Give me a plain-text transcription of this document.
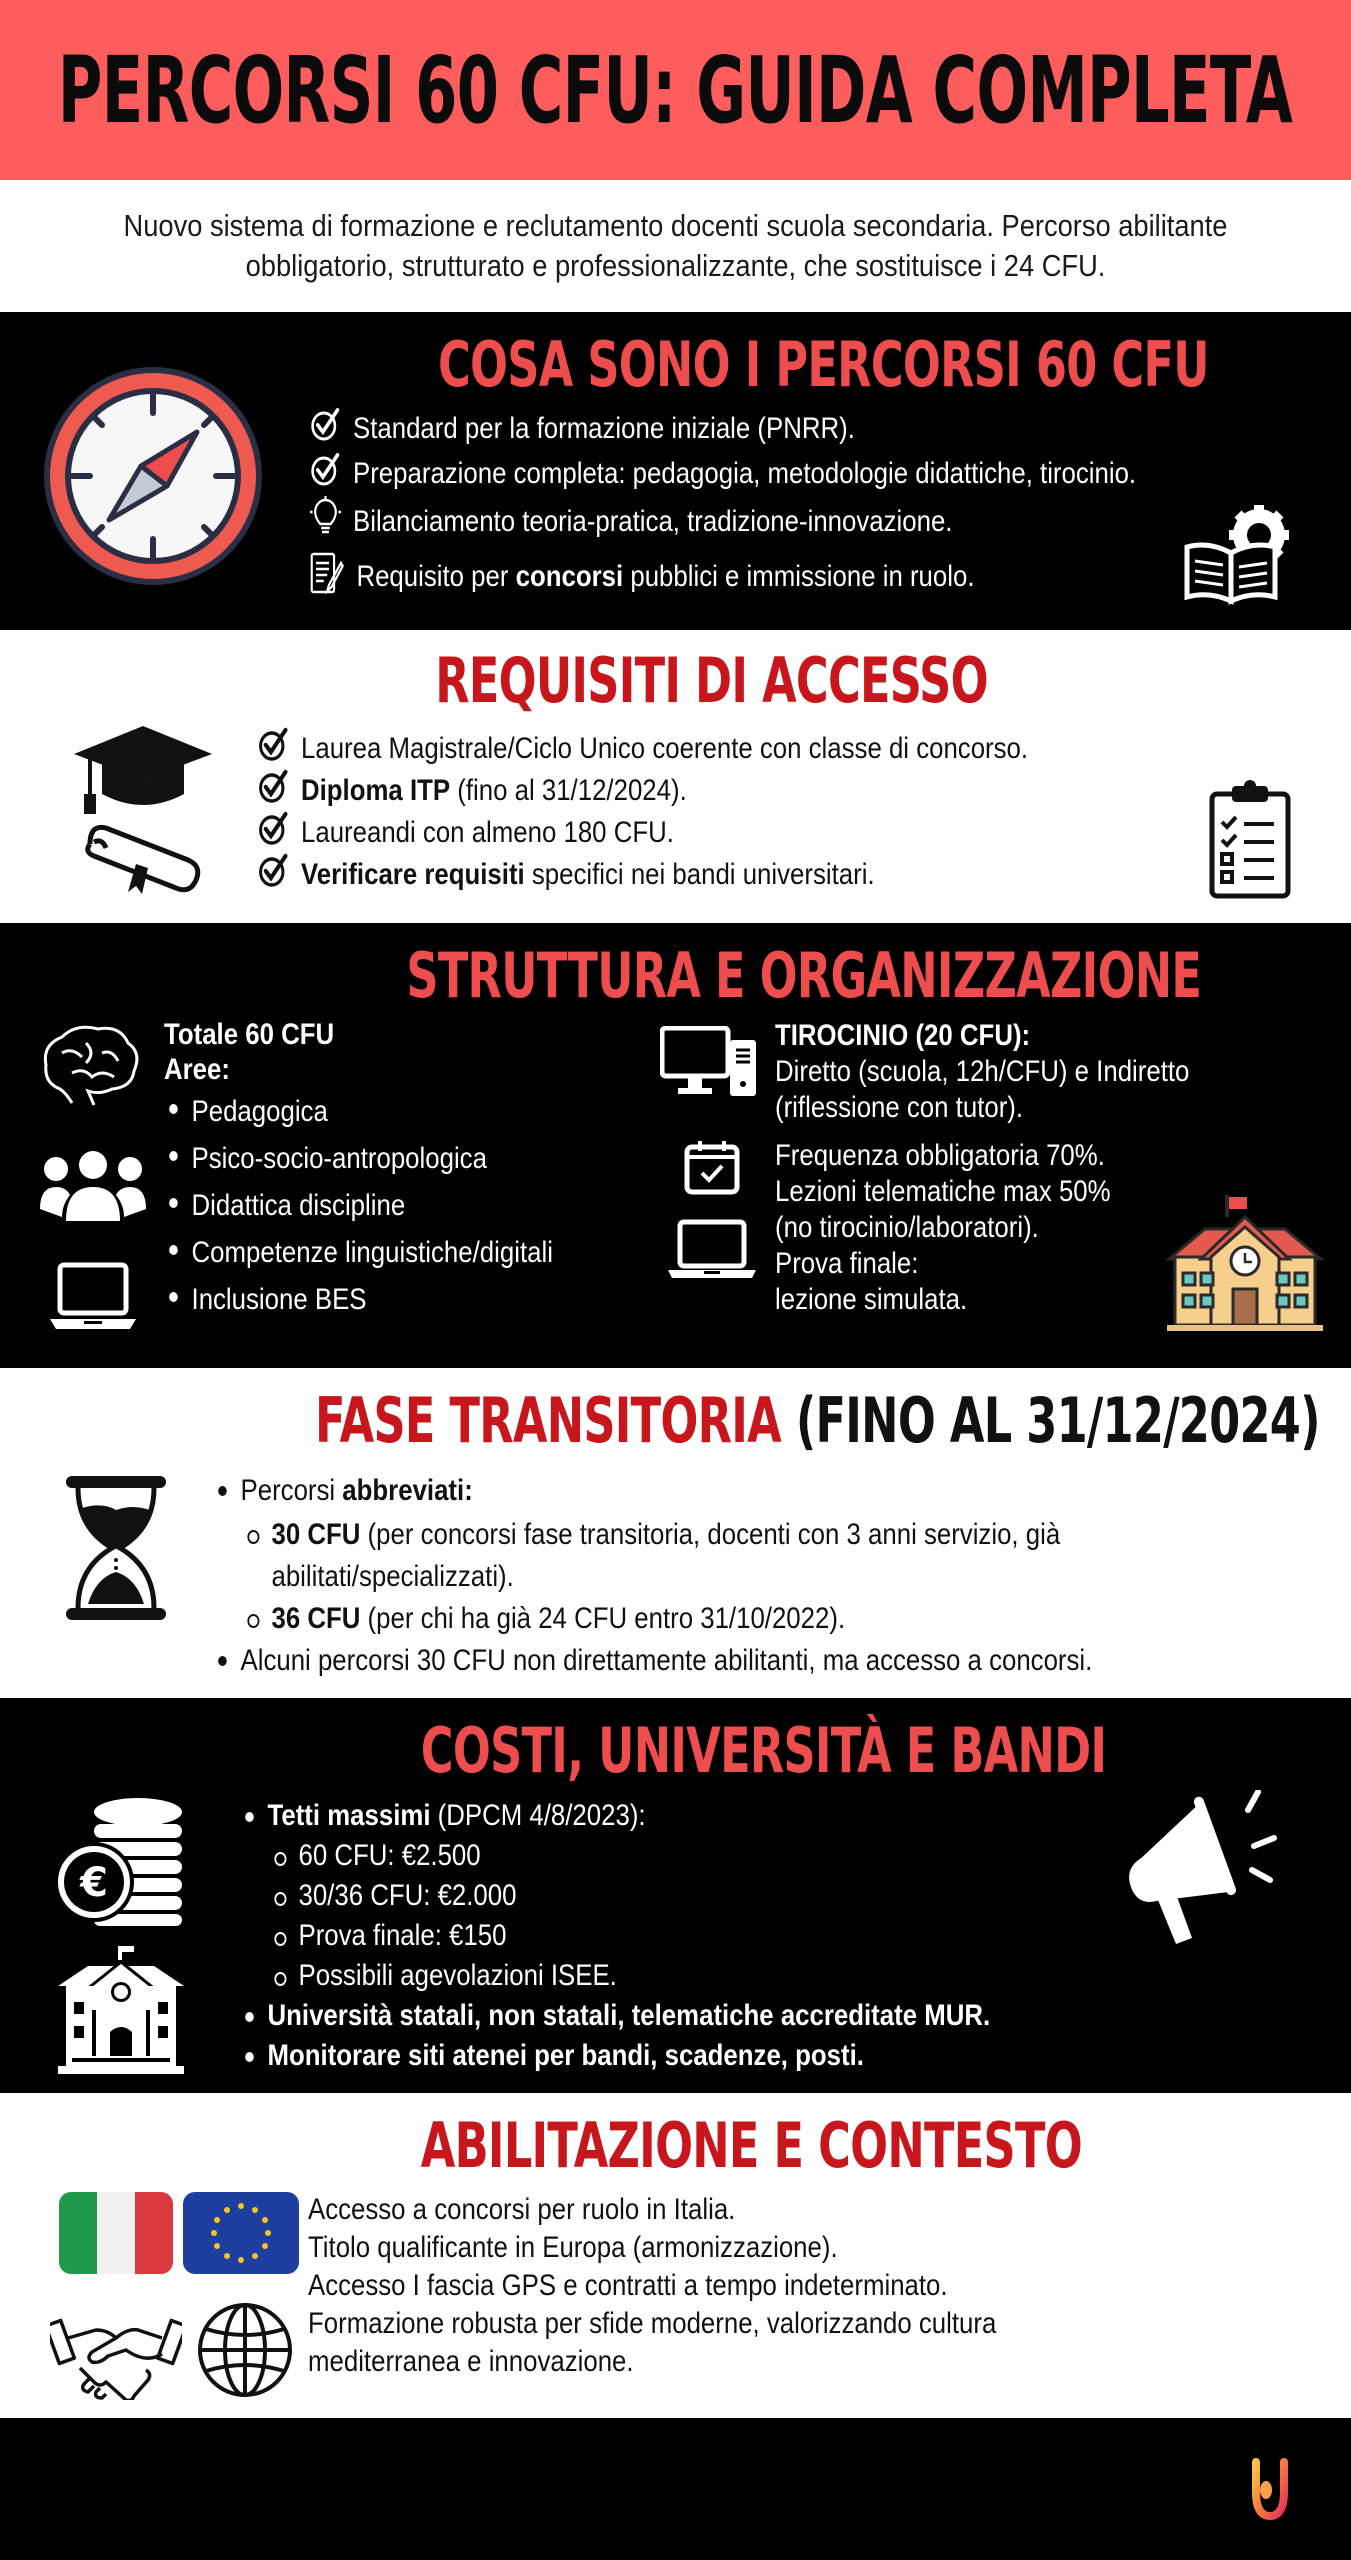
PERCORSI 60 CFU: GUIDA COMPLETA

Nuovo sistema di formazione e reclutamento docenti scuola secondaria. Percorso abilitante obbligatorio, strutturato e professionalizzante, che sostituisce i 24 CFU.

COSA SONO I PERCORSI 60 CFU
Standard per la formazione iniziale (PNRR).
Preparazione completa: pedagogia, metodologie didattiche, tirocinio.
Bilanciamento teoria-pratica, tradizione-innovazione.
Requisito per concorsi pubblici e immissione in ruolo.
REQUISITI DI ACCESSO
Laurea Magistrale/Ciclo Unico coerente con classe di concorso.
Diploma ITP (fino al 31/12/2024).
Laureandi con almeno 180 CFU.
Verificare requisiti specifici nei bandi universitari.
STRUTTURA E ORGANIZZAZIONE
Totale 60 CFU
Aree:
Pedagogica
Psico-socio-antropologica
Didattica discipline
Competenze linguistiche/digitali
Inclusione BES
TIROCINIO (20 CFU):
Diretto (scuola, 12h/CFU) e Indiretto
(riflessione con tutor).
Frequenza obbligatoria 70%.
Lezioni telematiche max 50%
(no tirocinio/laboratori).
Prova finale:
lezione simulata.
FASE TRANSITORIA (FINO AL 31/12/2024)
Percorsi abbreviati:
30 CFU (per concorsi fase transitoria, docenti con 3 anni servizio, già abilitati/specializzati).
36 CFU (per chi ha già 24 CFU entro 31/10/2022).
Alcuni percorsi 30 CFU non direttamente abilitanti, ma accesso a concorsi.
COSTI, UNIVERSITÀ E BANDI
€
Tetti massimi (DPCM 4/8/2023):
60 CFU: €2.500
30/36 CFU: €2.000
Prova finale: €150
Possibili agevolazioni ISEE.
Università statali, non statali, telematiche accreditate MUR.
Monitorare siti atenei per bandi, scadenze, posti.
ABILITAZIONE E CONTESTO
Accesso a concorsi per ruolo in Italia.
Titolo qualificante in Europa (armonizzazione).
Accesso I fascia GPS e contratti a tempo indeterminato.
Formazione robusta per sfide moderne, valorizzando cultura
mediterranea e innovazione.
